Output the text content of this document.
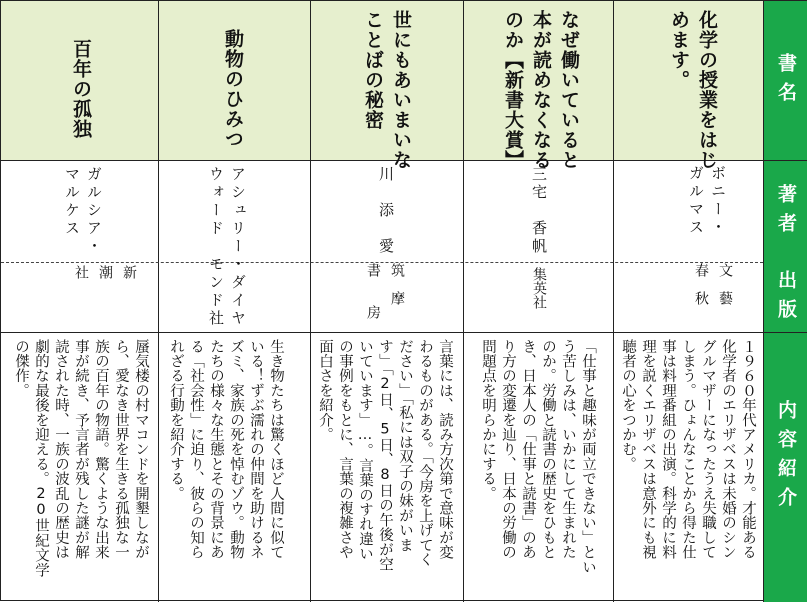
書名
著者
出版
内容紹介
化学の授業をはじ
めます。
ボニー・
ガルマス
文　藝
春　秋
１９６０年代アメリカ。才能ある
化学者のエリザベスは未婚のシン
グルマザーになったうえ失職して
しまう。ひょんなことから得た仕
事は料理番組の出演。科学的に料
理を説くエリザベスは意外にも視
聴者の心をつかむ。
なぜ働いていると
本が読めなくなる
のか【新書大賞】
三宅　香帆
集英社
「仕事と趣味が両立できない」とい
う苦しみは、いかにして生まれた
のか。労働と読書の歴史をひもと
き、日本人の「仕事と読書」のあ
り方の変遷を辿り、日本の労働の
問題点を明らかにする。
世にもあいまいな
ことばの秘密
川　添　愛
筑　摩
書　　房
言葉には、読み方次第で意味が変
わるものがある。「今房を上げてく
ださい」「私には双子の妹がいま
す」「2日、5日、8日の午後が空
いています」…。言葉のすれ違い
の事例をもとに、言葉の複雑さや
面白さを紹介。
動物のひみつ
アシュリー・ダイヤ
ウォード　モンド社
生き物たちは驚くほど人間に似て
いる！ずぶ濡れの仲間を助けるネ
ズミ、家族の死を悼むゾウ。動物
たちの様々な生態とその背景にあ
る「社会性」に迫り、彼らの知ら
れざる行動を紹介する。
百年の孤独
ガルシア・
マルケス
新
潮
社
蜃気楼の村マコンドを開墾しなが
ら、愛なき世界を生きる孤独な一
族の百年の物語。驚くような出来
事が続き、予言者が残した謎が解
読された時、一族の波乱の歴史は
劇的な最後を迎える。20世紀文学
の傑作。
